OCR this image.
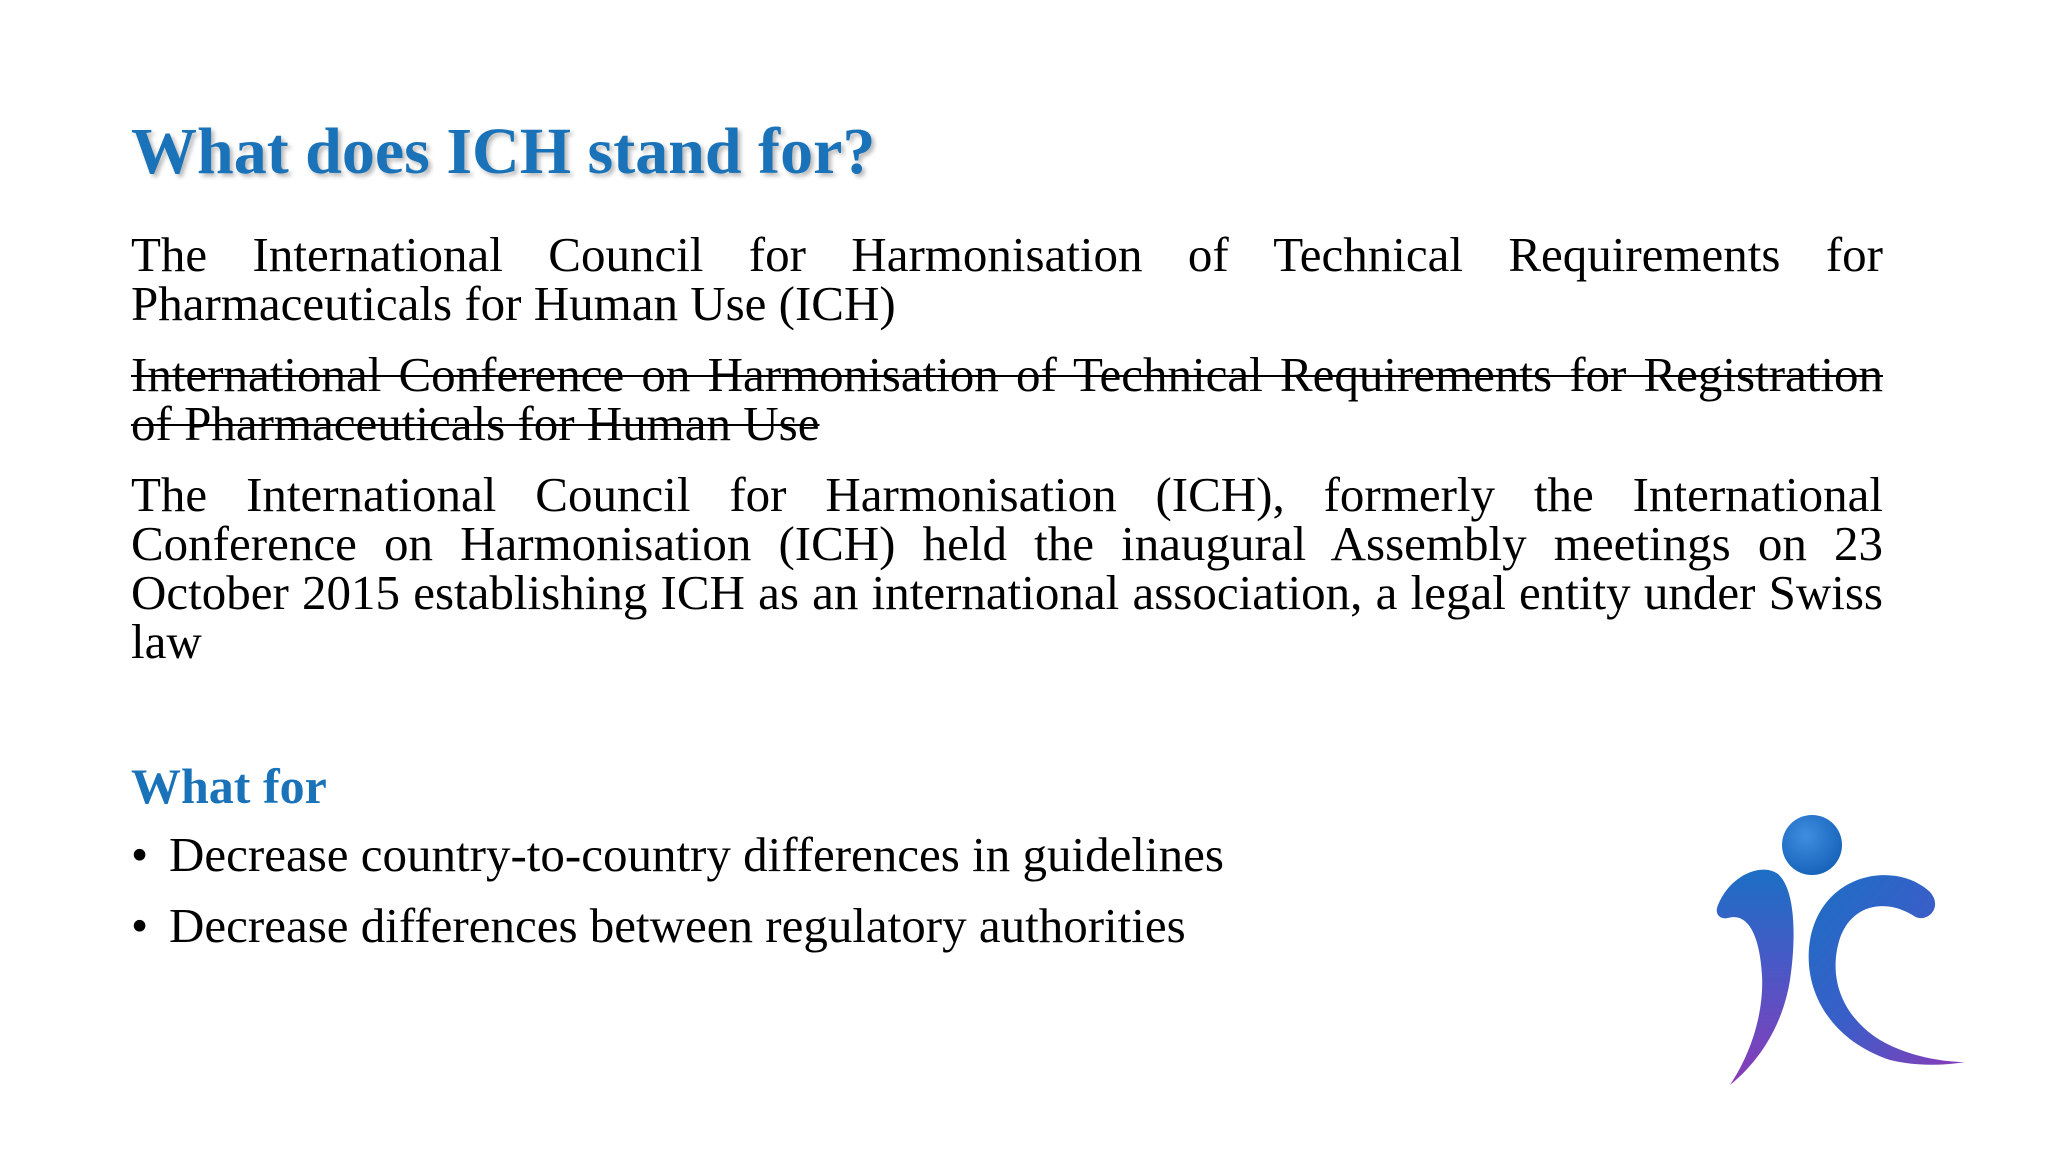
What does ICH stand for?

The International Council for Harmonisation of Technical Requirements for Pharmaceuticals for Human Use (ICH)

International Conference on Harmonisation of Technical Requirements for Registration of Pharmaceuticals for Human Use

The International Council for Harmonisation (ICH), formerly the International Conference on Harmonisation (ICH) held the inaugural Assembly meetings on 23 October 2015 establishing ICH as an international association, a legal entity under Swiss law

What for
• Decrease country-to-country differences in guidelines
• Decrease differences between regulatory authorities
